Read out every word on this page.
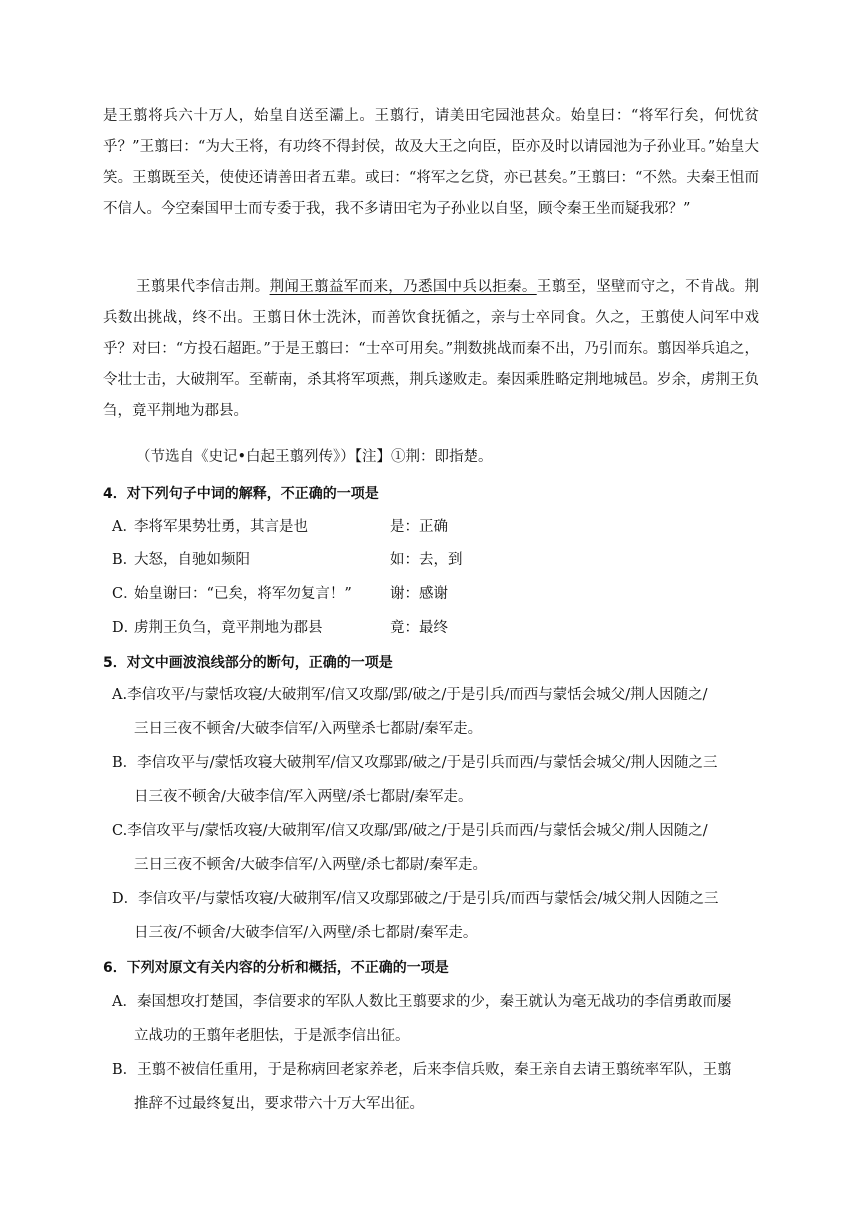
是王翦将兵六十万人，始皇自送至灞上。王翦行，请美田宅园池甚众。始皇曰：“将军行矣，何忧贫乎？”王翦曰：“为大王将，有功终不得封侯，故及大王之向臣，臣亦及时以请园池为子孙业耳。”始皇大笑。王翦既至关，使使还请善田者五辈。或曰：“将军之乞贷，亦已甚矣。”王翦曰：“不然。夫秦王怚而不信人。今空秦国甲士而专委于我，我不多请田宅为子孙业以自坚，顾令秦王坐而疑我邪？”

王翦果代李信击荆。荆闻王翦益军而来，乃悉国中兵以拒秦。王翦至，坚壁而守之，不肯战。荆兵数出挑战，终不出。王翦日休士洗沐，而善饮食抚循之，亲与士卒同食。久之，王翦使人问军中戏乎？对曰：“方投石超距。”于是王翦曰：“士卒可用矣。”荆数挑战而秦不出，乃引而东。翦因举兵追之，令壮士击，大破荆军。至蕲南，杀其将军项燕，荆兵遂败走。秦因乘胜略定荆地城邑。岁余，虏荆王负刍，竟平荆地为郡县。

（节选自《史记•白起王翦列传》）【注】①荆：即指楚。
4．对下列句子中词的解释，不正确的一项是
A．李将军果势壮勇，其言是也	是：正确
B．大怒，自驰如频阳	如：去，到
C．始皇谢曰：“已矣，将军勿复言！”	谢：感谢
D．虏荆王负刍，竟平荆地为郡县	竟：最终
5．对文中画波浪线部分的断句，正确的一项是
A.李信攻平/与蒙恬攻寝/大破荆军/信又攻鄢/郢/破之/于是引兵/而西与蒙恬会城父/荆人因随之/
三日三夜不顿舍/大破李信军/入两壁杀七都尉/秦军走。
B．李信攻平与/蒙恬攻寝大破荆军/信又攻鄢郢/破之/于是引兵而西/与蒙恬会城父/荆人因随之三
日三夜不顿舍/大破李信/军入两壁/杀七都尉/秦军走。
C.李信攻平与/蒙恬攻寝/大破荆军/信又攻鄢/郢/破之/于是引兵而西/与蒙恬会城父/荆人因随之/
三日三夜不顿舍/大破李信军/入两壁/杀七都尉/秦军走。
D．李信攻平/与蒙恬攻寝/大破荆军/信又攻鄢郢破之/于是引兵/而西与蒙恬会/城父荆人因随之三
日三夜/不顿舍/大破李信军/入两壁/杀七都尉/秦军走。
6．下列对原文有关内容的分析和概括，不正确的一项是
A．秦国想攻打楚国，李信要求的军队人数比王翦要求的少，秦王就认为毫无战功的李信勇敢而屡
立战功的王翦年老胆怯，于是派李信出征。
B．王翦不被信任重用，于是称病回老家养老，后来李信兵败，秦王亲自去请王翦统率军队，王翦
推辞不过最终复出，要求带六十万大军出征。
